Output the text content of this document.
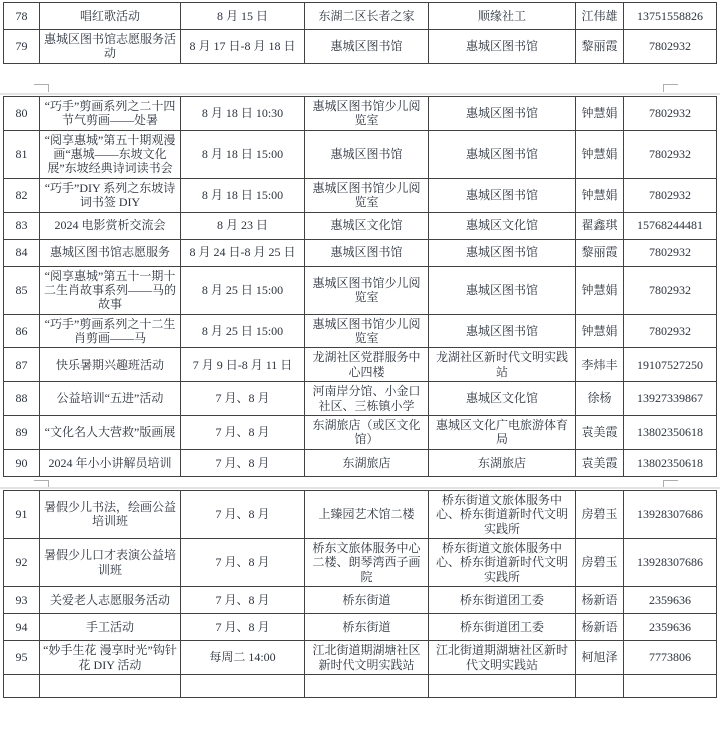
78	唱红歌活动	8 月 15 日	东湖二区长者之家	顺缘社工	江伟雄	13751558826
79	惠城区图书馆志愿服务活动	8 月 17 日-8 月 18 日	惠城区图书馆	惠城区图书馆	黎丽霞	7802932
80	“巧手”剪画系列之二十四节气剪画——处暑	8 月 18 日 10:30	惠城区图书馆少儿阅览室	惠城区图书馆	钟慧娟	7802932
81	“阅享惠城”第五十期观漫画“惠城——东坡文化展”东坡经典诗词读书会	8 月 18 日 15:00	惠城区图书馆	惠城区图书馆	钟慧娟	7802932
82	“巧手”DIY 系列之东坡诗词书签 DIY	8 月 18 日 15:00	惠城区图书馆少儿阅览室	惠城区图书馆	钟慧娟	7802932
83	2024 电影赏析交流会	8 月 23 日	惠城区文化馆	惠城区文化馆	翟鑫琪	15768244481
84	惠城区图书馆志愿服务	8 月 24 日-8 月 25 日	惠城区图书馆	惠城区图书馆	黎丽霞	7802932
85	“阅享惠城”第五十一期十二生肖故事系列——马的故事	8 月 25 日 15:00	惠城区图书馆少儿阅览室	惠城区图书馆	钟慧娟	7802932
86	“巧手”剪画系列之十二生肖剪画——马	8 月 25 日 15:00	惠城区图书馆少儿阅览室	惠城区图书馆	钟慧娟	7802932
87	快乐暑期兴趣班活动	7 月 9 日-8 月 11 日	龙湖社区党群服务中心四楼	龙湖社区新时代文明实践站	李炜丰	19107527250
88	公益培训“五进”活动	7 月、8 月	河南岸分馆、小金口社区、三栋镇小学	惠城区文化馆	徐杨	13927339867
89	“文化名人大营救”版画展	7 月、8 月	东湖旅店（或区文化馆）	惠城区文化广电旅游体育局	袁美霞	13802350618
90	2024 年小小讲解员培训	7 月、8 月	东湖旅店	东湖旅店	袁美霞	13802350618
91	暑假少儿书法，绘画公益培训班	7 月、8 月	上臻园艺术馆二楼	桥东街道文旅体服务中心、桥东街道新时代文明实践所	房碧玉	13928307686
92	暑假少儿口才表演公益培训班	7 月、8 月	桥东文旅体服务中心二楼、朗琴湾西子画院	桥东街道文旅体服务中心、桥东街道新时代文明实践所	房碧玉	13928307686
93	关爱老人志愿服务活动	7 月、8 月	桥东街道	桥东街道团工委	杨新语	2359636
94	手工活动	7 月、8 月	桥东街道	桥东街道团工委	杨新语	2359636
95	“妙手生花 漫享时光”钩针花 DIY 活动	每周二 14:00	江北街道期湖塘社区新时代文明实践站	江北街道期湖塘社区新时代文明实践站	柯旭泽	7773806
